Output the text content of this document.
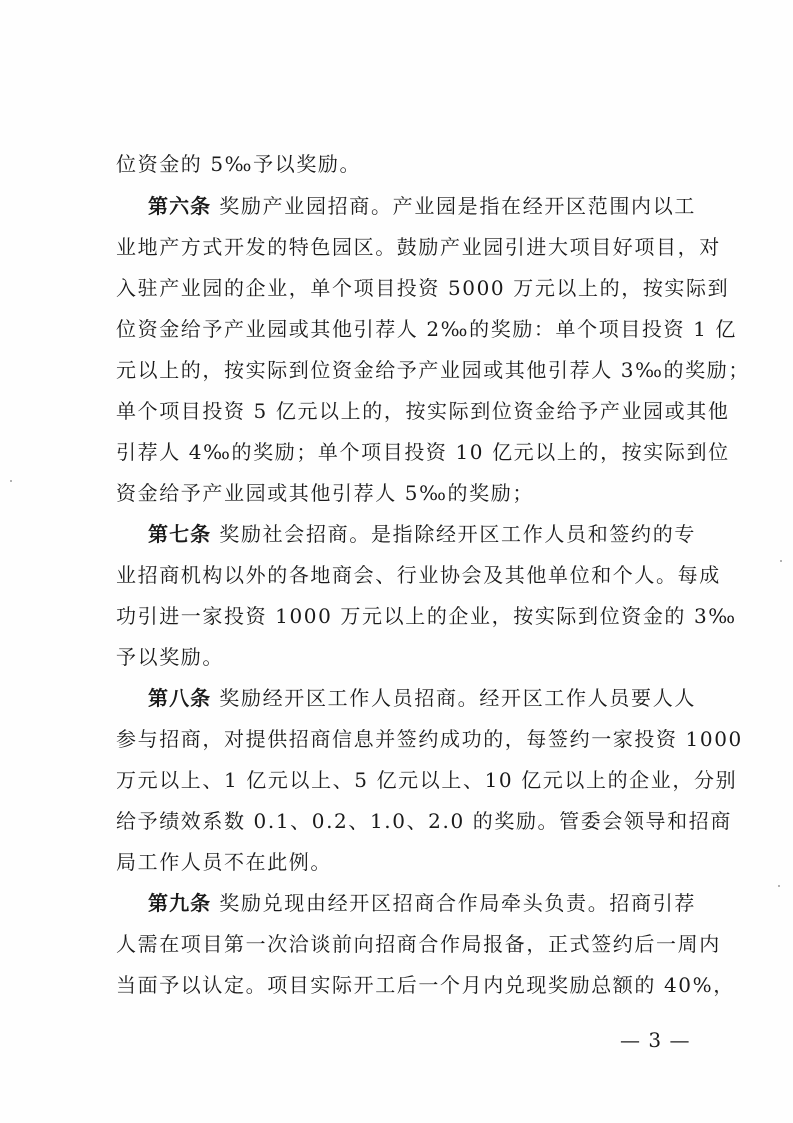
位资金的 5‰予以奖励。
第六条 奖励产业园招商。产业园是指在经开区范围内以工
业地产方式开发的特色园区。鼓励产业园引进大项目好项目，对
入驻产业园的企业，单个项目投资 5000 万元以上的，按实际到
位资金给予产业园或其他引荐人 2‰的奖励：单个项目投资 1 亿
元以上的，按实际到位资金给予产业园或其他引荐人 3‰的奖励；
单个项目投资 5 亿元以上的，按实际到位资金给予产业园或其他
引荐人 4‰的奖励；单个项目投资 10 亿元以上的，按实际到位
资金给予产业园或其他引荐人 5‰的奖励；
第七条 奖励社会招商。是指除经开区工作人员和签约的专
业招商机构以外的各地商会、行业协会及其他单位和个人。每成
功引进一家投资 1000 万元以上的企业，按实际到位资金的 3‰
予以奖励。
第八条 奖励经开区工作人员招商。经开区工作人员要人人
参与招商，对提供招商信息并签约成功的，每签约一家投资 1000
万元以上、1 亿元以上、5 亿元以上、10 亿元以上的企业，分别
给予绩效系数 0.1、0.2、1.0、2.0 的奖励。管委会领导和招商
局工作人员不在此例。
第九条 奖励兑现由经开区招商合作局牵头负责。招商引荐
人需在项目第一次洽谈前向招商合作局报备，正式签约后一周内
当面予以认定。项目实际开工后一个月内兑现奖励总额的 40%，
— 3 —
